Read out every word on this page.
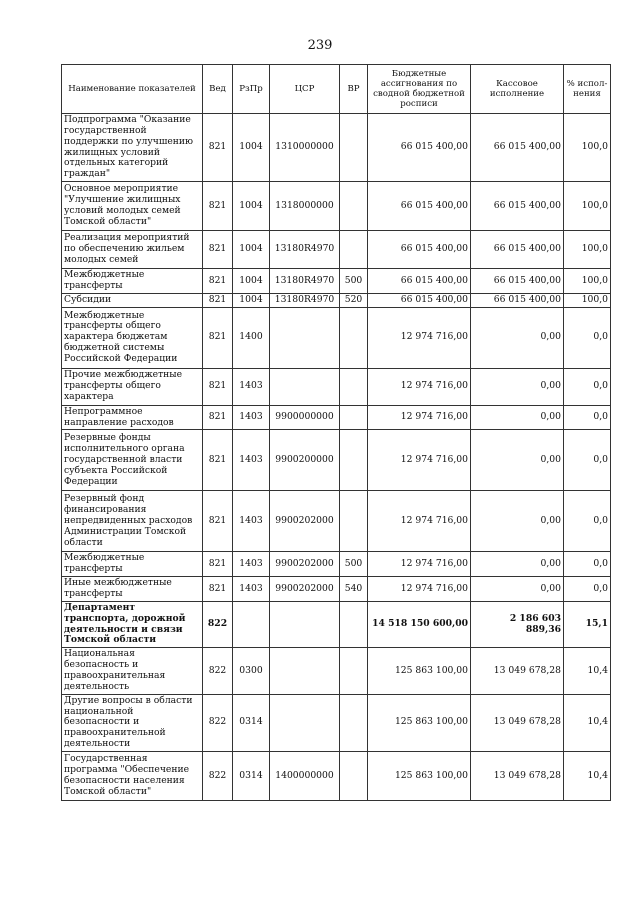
239
Наименование показателей	Вед	РзПр	ЦСР	ВР	Бюджетные ассигнования по сводной бюджетной росписи	Кассовое исполнение	% испол-нения
Подпрограмма "Оказание государственной поддержки по улучшению жилищных условий отдельных категорий граждан"	821	1004	1310000000		66 015 400,00	66 015 400,00	100,0
Основное мероприятие "Улучшение жилищных условий молодых семей Томской области"	821	1004	1318000000		66 015 400,00	66 015 400,00	100,0
Реализация мероприятий по обеспечению жильем молодых семей	821	1004	13180R4970		66 015 400,00	66 015 400,00	100,0
Межбюджетные трансферты	821	1004	13180R4970	500	66 015 400,00	66 015 400,00	100,0
Субсидии	821	1004	13180R4970	520	66 015 400,00	66 015 400,00	100,0
Межбюджетные трансферты общего характера бюджетам бюджетной системы Российской Федерации	821	1400			12 974 716,00	0,00	0,0
Прочие межбюджетные трансферты общего характера	821	1403			12 974 716,00	0,00	0,0
Непрограммное направление расходов	821	1403	9900000000		12 974 716,00	0,00	0,0
Резервные фонды исполнительного органа государственной власти субъекта Российской Федерации	821	1403	9900200000		12 974 716,00	0,00	0,0
Резервный фонд финансирования непредвиденных расходов Администрации Томской области	821	1403	9900202000		12 974 716,00	0,00	0,0
Межбюджетные трансферты	821	1403	9900202000	500	12 974 716,00	0,00	0,0
Иные межбюджетные трансферты	821	1403	9900202000	540	12 974 716,00	0,00	0,0
Департамент транспорта, дорожной деятельности и связи Томской области	822				14 518 150 600,00	2 186 603 889,36	15,1
Национальная безопасность и правоохранительная деятельность	822	0300			125 863 100,00	13 049 678,28	10,4
Другие вопросы в области национальной безопасности и правоохранительной деятельности	822	0314			125 863 100,00	13 049 678,28	10,4
Государственная программа "Обеспечение безопасности населения Томской области"	822	0314	1400000000		125 863 100,00	13 049 678,28	10,4
